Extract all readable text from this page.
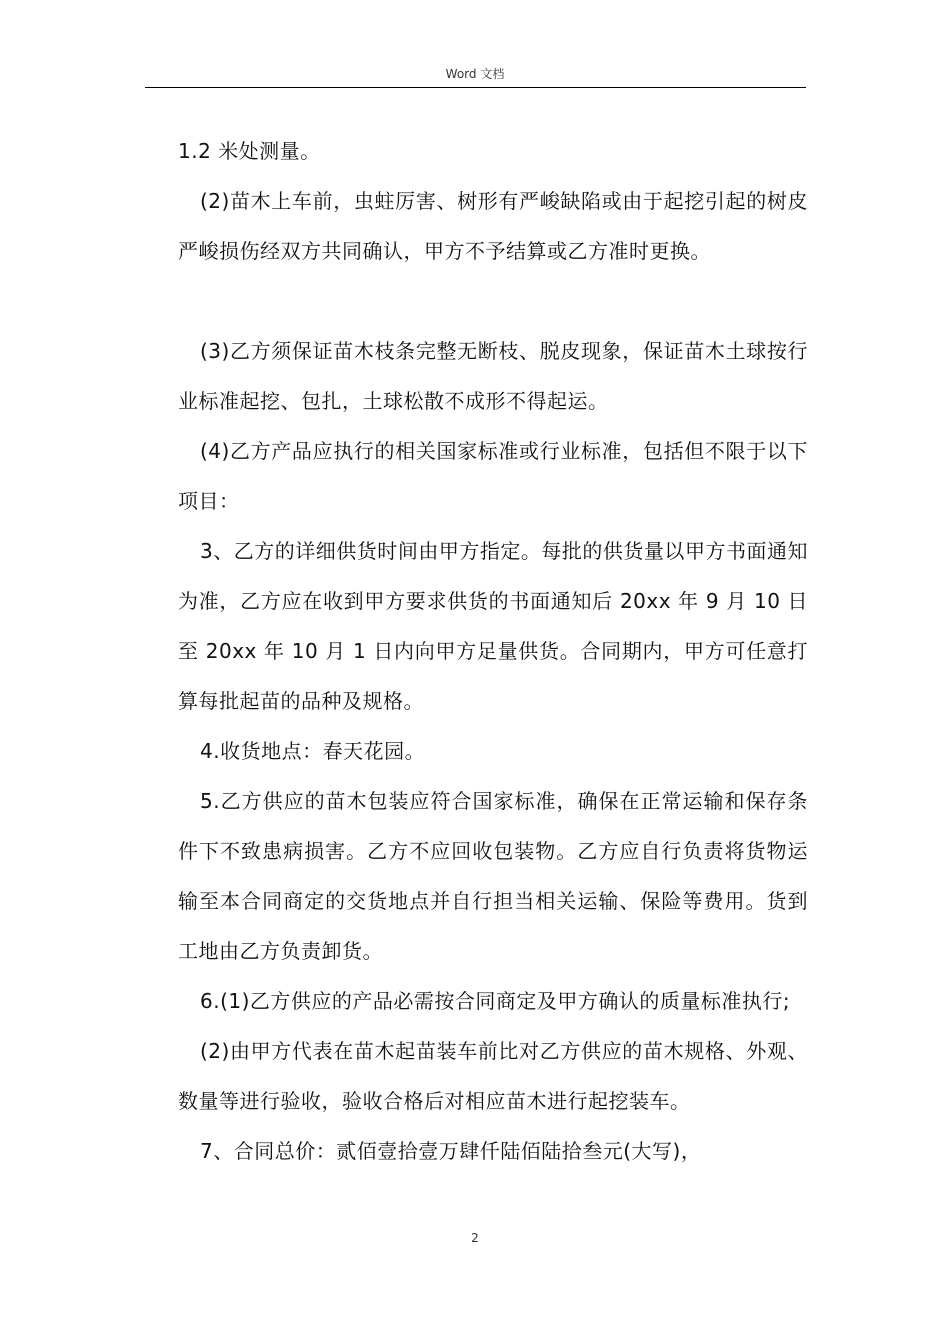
Word 文档

1.2 米处测量。

(2)苗木上车前，虫蛀厉害、树形有严峻缺陷或由于起挖引起的树皮严峻损伤经双方共同确认，甲方不予结算或乙方准时更换。

(3)乙方须保证苗木枝条完整无断枝、脱皮现象，保证苗木土球按行业标准起挖、包扎，土球松散不成形不得起运。

(4)乙方产品应执行的相关国家标准或行业标准，包括但不限于以下项目：

3、乙方的详细供货时间由甲方指定。每批的供货量以甲方书面通知为准，乙方应在收到甲方要求供货的书面通知后 20xx 年 9 月 10 日至 20xx 年 10 月 1 日内向甲方足量供货。合同期内，甲方可任意打算每批起苗的品种及规格。

4.收货地点：春天花园。

5.乙方供应的苗木包装应符合国家标准，确保在正常运输和保存条件下不致患病损害。乙方不应回收包装物。乙方应自行负责将货物运输至本合同商定的交货地点并自行担当相关运输、保险等费用。货到工地由乙方负责卸货。

6.(1)乙方供应的产品必需按合同商定及甲方确认的质量标准执行;

(2)由甲方代表在苗木起苗装车前比对乙方供应的苗木规格、外观、数量等进行验收，验收合格后对相应苗木进行起挖装车。

7、合同总价：贰佰壹拾壹万肆仟陆佰陆拾叁元(大写)，

2
